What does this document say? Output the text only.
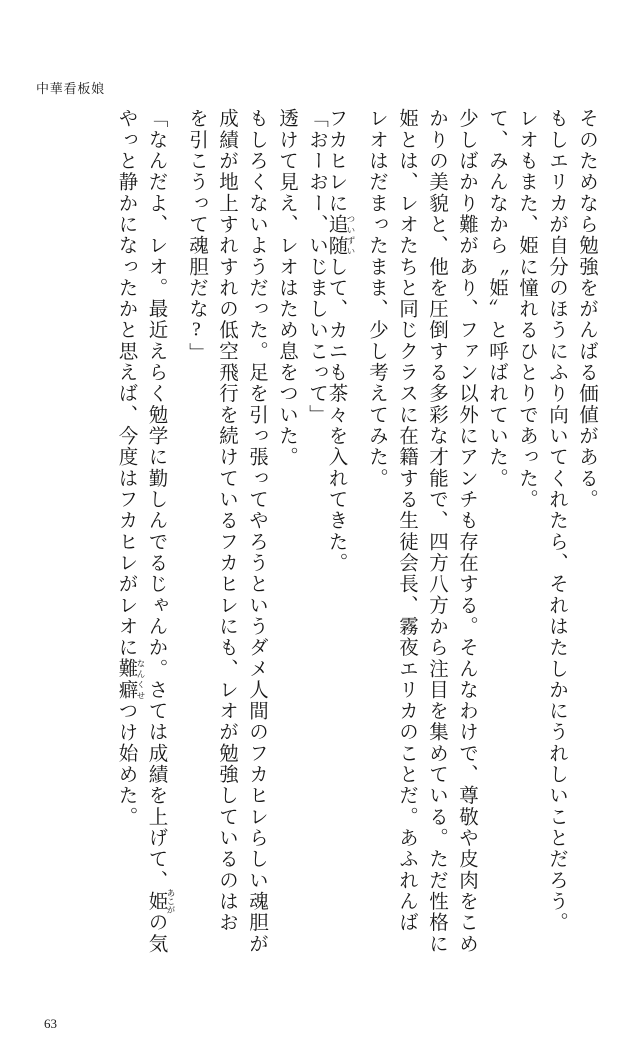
中華看板娘
やっと静かになったかと思えば、今度はフカヒレがレオに難癖 なんくせつけ始めた。 「なんだよ、レオ。最近えらく勉学に勤しんでるじゃんか。さては成績を上げて、姫 あこがの気
を引こうって魂胆だな?」 成績が地上すれすれの低空飛行を続けているフカヒレにも、レオが勉強しているのはお もしろくないようだった。足を引っ張ってやろうというダメ人間のフカヒレらしい魂胆が 透けて見え、レオはため息をついた。 「おーおー、いじましいこって」
フカヒレに追随 ついずいして、カニも茶々を入れてきた。	レオはだまったまま、少し考えてみた。 姫とは、レオたちと同じクラスに在籍する生徒会長、霧夜エリカのことだ。あふれんば かりの美貌と、他を圧倒する多彩な才能で、四方八方から注目を集めている。ただ性格に 少しばかり難があり、ファン以外にアンチも存在する。そんなわけで、尊敬や皮肉をこめ て、みんなから〝姫〟と呼ばれていた。 レオもまた、姫に憧れるひとりであった。 もしエリカが自分のほうにふり向いてくれたら、それはたしかにうれしいことだろう。 そのためなら勉強をがんばる価値がある。
63
